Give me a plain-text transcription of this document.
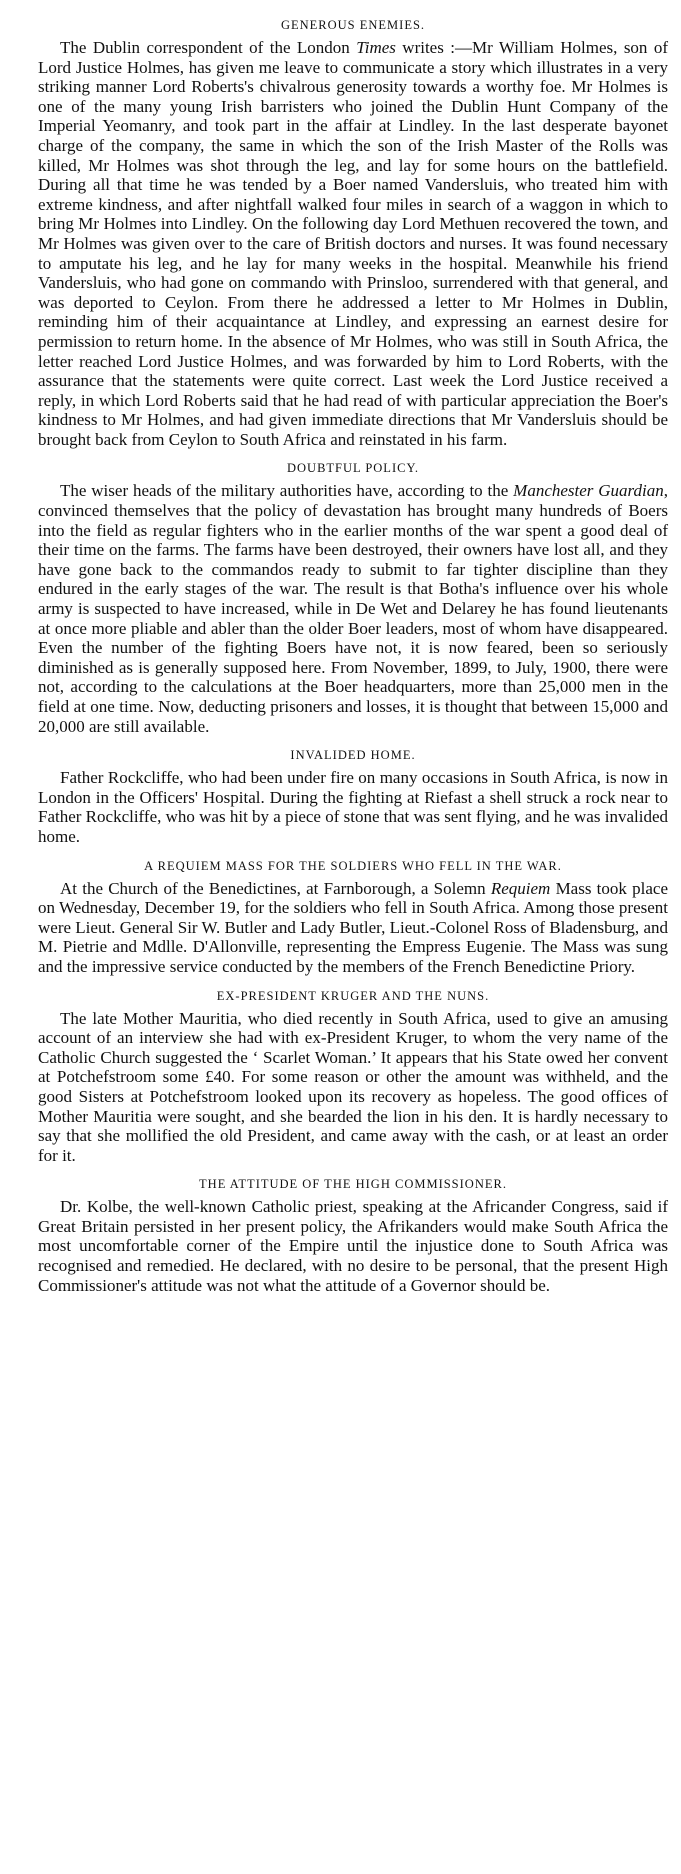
GENEROUS ENEMIES.

The Dublin correspondent of the London Times writes :—Mr William Holmes, son of Lord Justice Holmes, has given me leave to communicate a story which illustrates in a very striking manner Lord Roberts's chivalrous generosity towards a worthy foe. Mr Holmes is one of the many young Irish barristers who joined the Dublin Hunt Company of the Imperial Yeomanry, and took part in the affair at Lindley. In the last desperate bayonet charge of the company, the same in which the son of the Irish Master of the Rolls was killed, Mr Holmes was shot through the leg, and lay for some hours on the battlefield. During all that time he was tended by a Boer named Vandersluis, who treated him with extreme kindness, and after nightfall walked four miles in search of a waggon in which to bring Mr Holmes into Lindley. On the following day Lord Methuen recovered the town, and Mr Holmes was given over to the care of British doctors and nurses. It was found necessary to amputate his leg, and he lay for many weeks in the hospital. Meanwhile his friend Vandersluis, who had gone on commando with Prinsloo, surrendered with that general, and was deported to Ceylon. From there he addressed a letter to Mr Holmes in Dublin, reminding him of their acquaintance at Lindley, and expressing an earnest desire for permission to return home. In the absence of Mr Holmes, who was still in South Africa, the letter reached Lord Justice Holmes, and was forwarded by him to Lord Roberts, with the assurance that the statements were quite correct. Last week the Lord Justice received a reply, in which Lord Roberts said that he had read of with particular appreciation the Boer's kindness to Mr Holmes, and had given immediate directions that Mr Vandersluis should be brought back from Ceylon to South Africa and reinstated in his farm.

DOUBTFUL POLICY.

The wiser heads of the military authorities have, according to the Manchester Guardian, convinced themselves that the policy of devastation has brought many hundreds of Boers into the field as regular fighters who in the earlier months of the war spent a good deal of their time on the farms. The farms have been destroyed, their owners have lost all, and they have gone back to the commandos ready to submit to far tighter discipline than they endured in the early stages of the war. The result is that Botha's influence over his whole army is suspected to have increased, while in De Wet and Delarey he has found lieutenants at once more pliable and abler than the older Boer leaders, most of whom have disappeared. Even the number of the fighting Boers have not, it is now feared, been so seriously diminished as is generally supposed here. From November, 1899, to July, 1900, there were not, according to the calculations at the Boer headquarters, more than 25,000 men in the field at one time. Now, deducting prisoners and losses, it is thought that between 15,000 and 20,000 are still available.

INVALIDED HOME.

Father Rockcliffe, who had been under fire on many occasions in South Africa, is now in London in the Officers' Hospital. During the fighting at Riefast a shell struck a rock near to Father Rockcliffe, who was hit by a piece of stone that was sent flying, and he was invalided home.

A REQUIEM MASS FOR THE SOLDIERS WHO FELL IN THE WAR.

At the Church of the Benedictines, at Farnborough, a Solemn Requiem Mass took place on Wednesday, December 19, for the soldiers who fell in South Africa. Among those present were Lieut. General Sir W. Butler and Lady Butler, Lieut.-Colonel Ross of Bladensburg, and M. Pietrie and Mdlle. D'Allonville, representing the Empress Eugenie. The Mass was sung and the impressive service conducted by the members of the French Benedictine Priory.

EX-PRESIDENT KRUGER AND THE NUNS.

The late Mother Mauritia, who died recently in South Africa, used to give an amusing account of an interview she had with ex-President Kruger, to whom the very name of the Catholic Church suggested the ‘ Scarlet Woman.’ It appears that his State owed her convent at Potchefstroom some £40. For some reason or other the amount was withheld, and the good Sisters at Potchefstroom looked upon its recovery as hopeless. The good offices of Mother Mauritia were sought, and she bearded the lion in his den. It is hardly necessary to say that she mollified the old President, and came away with the cash, or at least an order for it.

THE ATTITUDE OF THE HIGH COMMISSIONER.

Dr. Kolbe, the well-known Catholic priest, speaking at the Africander Congress, said if Great Britain persisted in her present policy, the Afrikanders would make South Africa the most uncomfortable corner of the Empire until the injustice done to South Africa was recognised and remedied. He declared, with no desire to be personal, that the present High Commissioner's attitude was not what the attitude of a Governor should be.
